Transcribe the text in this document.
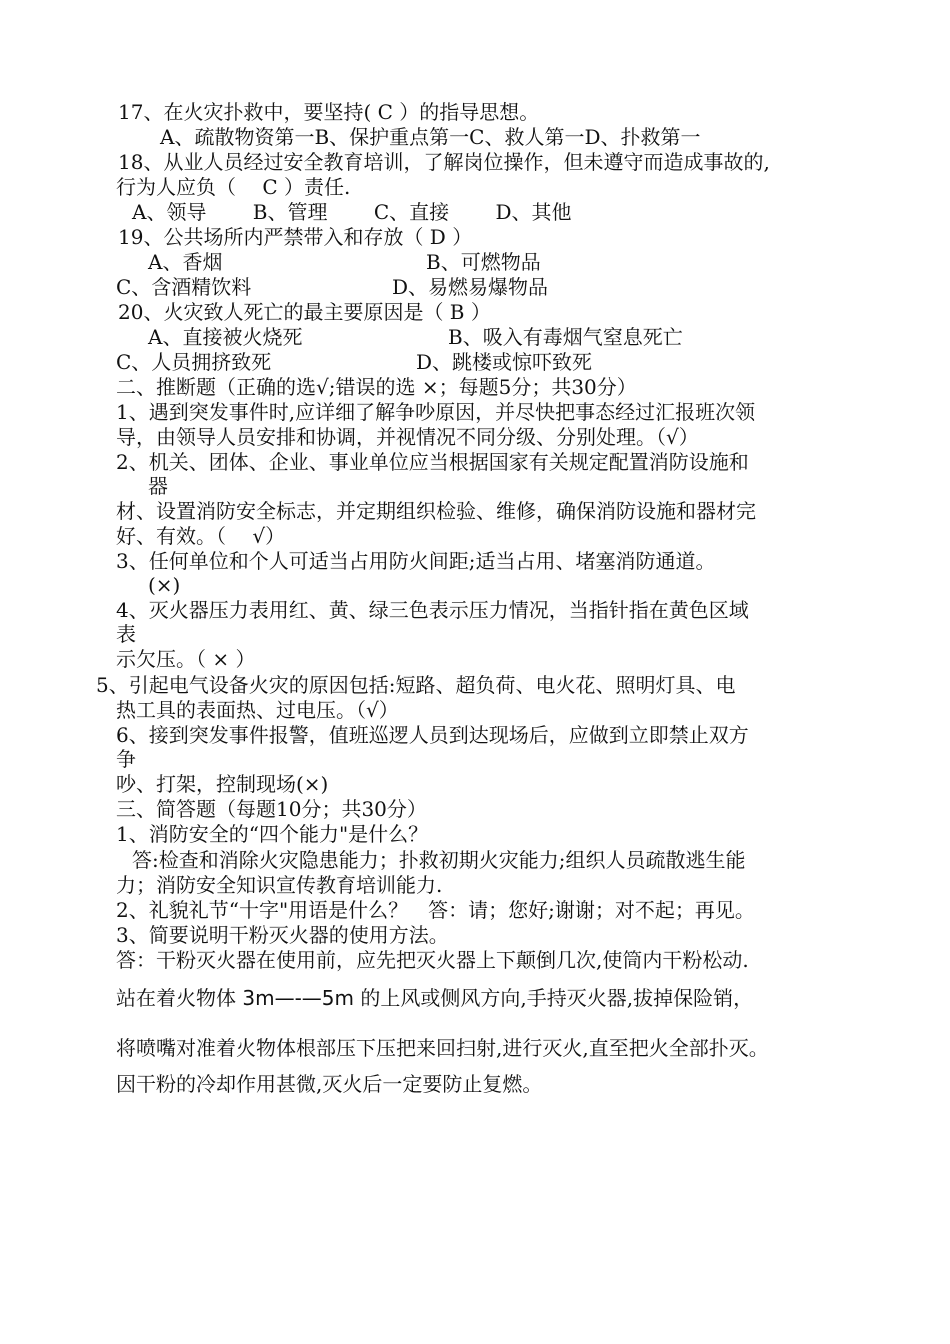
17、在火灾扑救中，要坚持( C ）的指导思想。
A、疏散物资第一B、保护重点第一C、救人第一D、扑救第一
18、从业人员经过安全教育培训，了解岗位操作，但未遵守而造成事故的,
行为人应负（　 C ）责任.
A、领导　　 B、管理　　 C、直接　　 D、其他
19、公共场所内严禁带入和存放（ D ）
A、香烟	B、可燃物品
C、含酒精饮料	D、易燃易爆物品
20、火灾致人死亡的最主要原因是（ B ）
A、直接被火烧死	B、吸入有毒烟气窒息死亡
C、人员拥挤致死	D、跳楼或惊吓致死
二、推断题（正确的选√;错误的选 ×；每题5分；共30分）
1、遇到突发事件时,应详细了解争吵原因，并尽快把事态经过汇报班次领
导，由领导人员安排和协调，并视情况不同分级、分别处理。（√）
2、机关、团体、企业、事业单位应当根据国家有关规定配置消防设施和
器
材、设置消防安全标志，并定期组织检验、维修，确保消防设施和器材完
好、有效。（　 √）
3、任何单位和个人可适当占用防火间距;适当占用、堵塞消防通道。
(×)
4、灭火器压力表用红、黄、绿三色表示压力情况，当指针指在黄色区域
表
示欠压。（ × ）
5、引起电气设备火灾的原因包括:短路、超负荷、电火花、照明灯具、电
热工具的表面热、过电压。（√）
6、接到突发事件报警，值班巡逻人员到达现场后，应做到立即禁止双方
争
吵、打架，控制现场(×)
三、简答题（每题10分；共30分）
1、消防安全的“四个能力"是什么？
答:检查和消除火灾隐患能力；扑救初期火灾能力;组织人员疏散逃生能
力；消防安全知识宣传教育培训能力.
2、礼貌礼节“十字"用语是什么？　答：请；您好;谢谢；对不起；再见。
3、简要说明干粉灭火器的使用方法。
答：干粉灭火器在使用前，应先把灭火器上下颠倒几次,使筒内干粉松动.
站在着火物体 3m—-—5m 的上风或侧风方向,手持灭火器,拔掉保险销，
将喷嘴对准着火物体根部压下压把来回扫射,进行灭火,直至把火全部扑灭。
因干粉的冷却作用甚微,灭火后一定要防止复燃。
